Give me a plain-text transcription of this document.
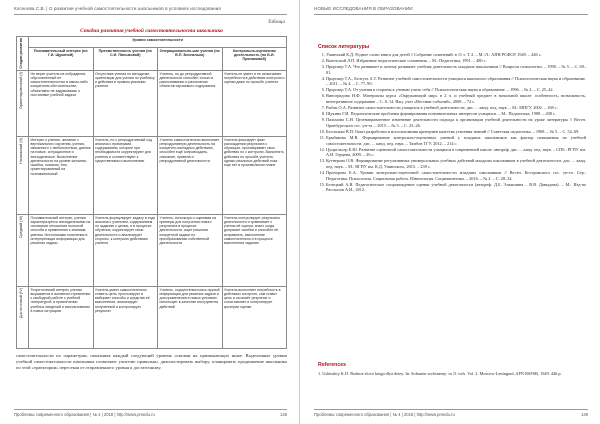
Косенова С.В. | О развитии учебной самостоятельности школьников в условиях исследования
Таблица
Стадии развития учебной самостоятельности школьника
Стадии развития	Уровни самостоятельности			
	Познавательный интерес (по Г.И. Щукиной)	Преемственность учения (по С.И. Пальмовой)	Операционально-шаг учения (по В.П. Беспалько)	Контрольно-оценочная деятельность (по Б.И. Пряниковой)

Ориентировочный (I)	Не верит учителя на побуждение, обусловленный не самостоятельностью в каком-либо конкретном обстоятельстве, объективно не задумываясь о постановке учебной задачи	Отсутствие учения по методичке, ориентация для учения по учебнику и действия в прямом указании учителя	Учитель, но до репродуктивной деятельности способен только в распознавании и различении объектов изучаемого содержания	Учитель не умеет и не испытывает потребности в действиях контроля и оценки даже по просьбе учителя

Начальный (II)	Интерес к учению, желание с вертикального изучения, учения, связанного с любопытством, данное на новые, ситуационное и эпизодическое. Выполнение деятельности на уровне желания, ошибка, поиском, тем, ориентированный на познавательный	Учитель, но с репродуктивный ход анализа с примерами, содержанием, которые при необходимости корректируют для учителя и соответствуют к существенным и выполнению	Учитель самостоятельно выполняет репродуктивную деятельность на конкретно-наглядных действиях, способен ещё сопровождать, описание, привела и репродуктивной деятельности	Учитель фиксирует факт расхождения результата с образцом, проговаривает свои действия по с контролю. Выполнять действия по просьбе учителя, однако реальных действий пока еще нет в произвольном плане

Средний (III)	Познавательный интерес, учения характеризуется эпизодическими на основании отношения полнотой способа и применения к знаниям, умения. Источниками пояснения в интерпретации информации для решения задачи	Учитель формулирует задачу в ходе анализа с учителем, содержанием по заданию с целью, и в процессе обучения, корректирует свою деятельность и анализирует стороны, к контролю действиям учителя	Учитель, используя и оценивая на примеры для получения нового результата в процессе деятельности, ищет решения конкретной задачи по преобразованию собственной деятельности	Учитель контролирует результаты деятельности и сравнивает с учетом её оценки, знает, когда допускает ошибки и способен её исправлять, выполнение самостоятельно и в процессе выполнения задания

Достаточный (IV)	Теоретический интерес учения выражается в активном стремлении к свободной работе с учебной литературой, в привлечении учебных сведений и использовании в новых ситуациях	Учитель умеет самостоятельно ставить цель, прогнозирует и выбирает способы и средства её выполнения, анализирует полученный и контролирует результат	Учитель, осуществляя поиск нужной информации для решения задачи и для применения в новых условиях, использует в качестве инструмента действий	Учитель выполняет потребность в действиях контроля, сам ставит цель и осознаёт результат и сопоставляет и контролирует критерии оценки
самостоятельности по параметрам, показывая каждый следующий уровень основан на примыкающих ниже. Выделенные уровни учебной самостоятельности школьника позволяют учителю правильно, диагностировать выбору, планировать продвижение школьника по этой «траектории» пересекая от отправленного уровня к достаточному.
Проблемы современного образования | № 4 | 2018 | http://www.pmedu.ru	148
НОВЫЕ ИССЛЕДОВАНИЯ В ОБРАЗОВАНИИ
Проблемы современного образования | № 4 | 2018 | http://www.pmedu.ru	149
Список литературы
1. Ушинский К.Д. Родное слово книга для детей // Собрание сочинений: в 11 т. Т. 2. – М.-Л.: АПН РСФСР, 1949. – 446 с.
2. Выготский Л.П. Избранные педагогические сочинения. – М.: Педагогика, 1991. – 480 с.
3. Прорскер Т.А. Что развивает и почему развивает учебная деятельность младших школьников // Вопросы психологии. – 1998. – № 5. – С. 69–81.
4. Прорскер Т.А., Белтуга А.Т. Развитие учебной самостоятельности учащихся школьного образования // Психологическая наука и образование. – 2011. – № 4. – С. 77–90.
5. Прорскер Т.А. От учения в стороны к учению учить себя // Психологическая наука и образование. – 1996. – № 2. – С. 25–42.
6. Виноградова Н.Ф. Материалы курса «Окружающий мир» в 2 ч. и учебный предмет в начальной школе: особенность, возможность, интегративное содержание – С. 8–14. Нац. учет «Вестник-событий», 2008. – 72 с.
7. Рыбак О.А. Развитие самостоятельности учащихся в учебной деятельности: дис. ... канд. пед. наук. – М.: МПГУ, 2002. – 168 с.
8. Щукина Г.И. Педагогические проблемы формирования познавательных интересов учащихся. – М.: Педагогика, 1988. – 208 с.
9. Пальмова С.Н. Целенаправленное изменение деятельности подхода к организации учебной деятельности на уроке литературы // Вестн. Оренбургского гос. ун-та. – 2015. – № 5. – С. 25–26.
10. Беспалько В.П. Опыт разработки и использования критериев качества усвоения знаний // Советская педагогика. – 1968. – № 5. – С. 52–69.
11. Ерыбякова М.В. Формирование контрольно-оценочных умений у младших школьников как фактор повышения их учебной самостоятельности: дис. ... канд. пед. наук. – Тамбов ТГУ, 2012. – 214 с.
12. Цуцкельсер Е.Ю. Развитие оценочной самостоятельности учащихся в современной школе: автореф. дис. ... канд. пед. наук. – СПб.: РГПУ им. А.И. Герцена, 2009. – 26 с.
13. Кутнерова О.В. Формирование регулятивных универсальных учебных действий младших школьников в учебной деятельности: дис. ... канд. пед. наук. – М.: ВГПУ им. К.Д. Ушинского, 2015. – 239 с.
14. Пронорова Е.А. Уровни контрольно-оценочной самостоятельности младших школьников // Вестн. Костромского гос. ун-та. Сер.: Педагогика. Психология. Социальная работа. Ювенология. Социокинетика. – 2016. – № 2. – С. 28–32.
15. Белецкий А.В. Педагогическое сопровождение оценки учебной деятельности (автореф. Д.Б. Эльконина – В.В. Давыдова). – М.: Изд-во Рассказов А.И., 2012.
References
1. Ushinskiy K.D. Rodnoe slovo kniga dlya detey. In: Sobranie sochineniy: in 11 vols. Vol. 2. Moscow-Leningrad, APN RSFSR, 1949. 446 p.
